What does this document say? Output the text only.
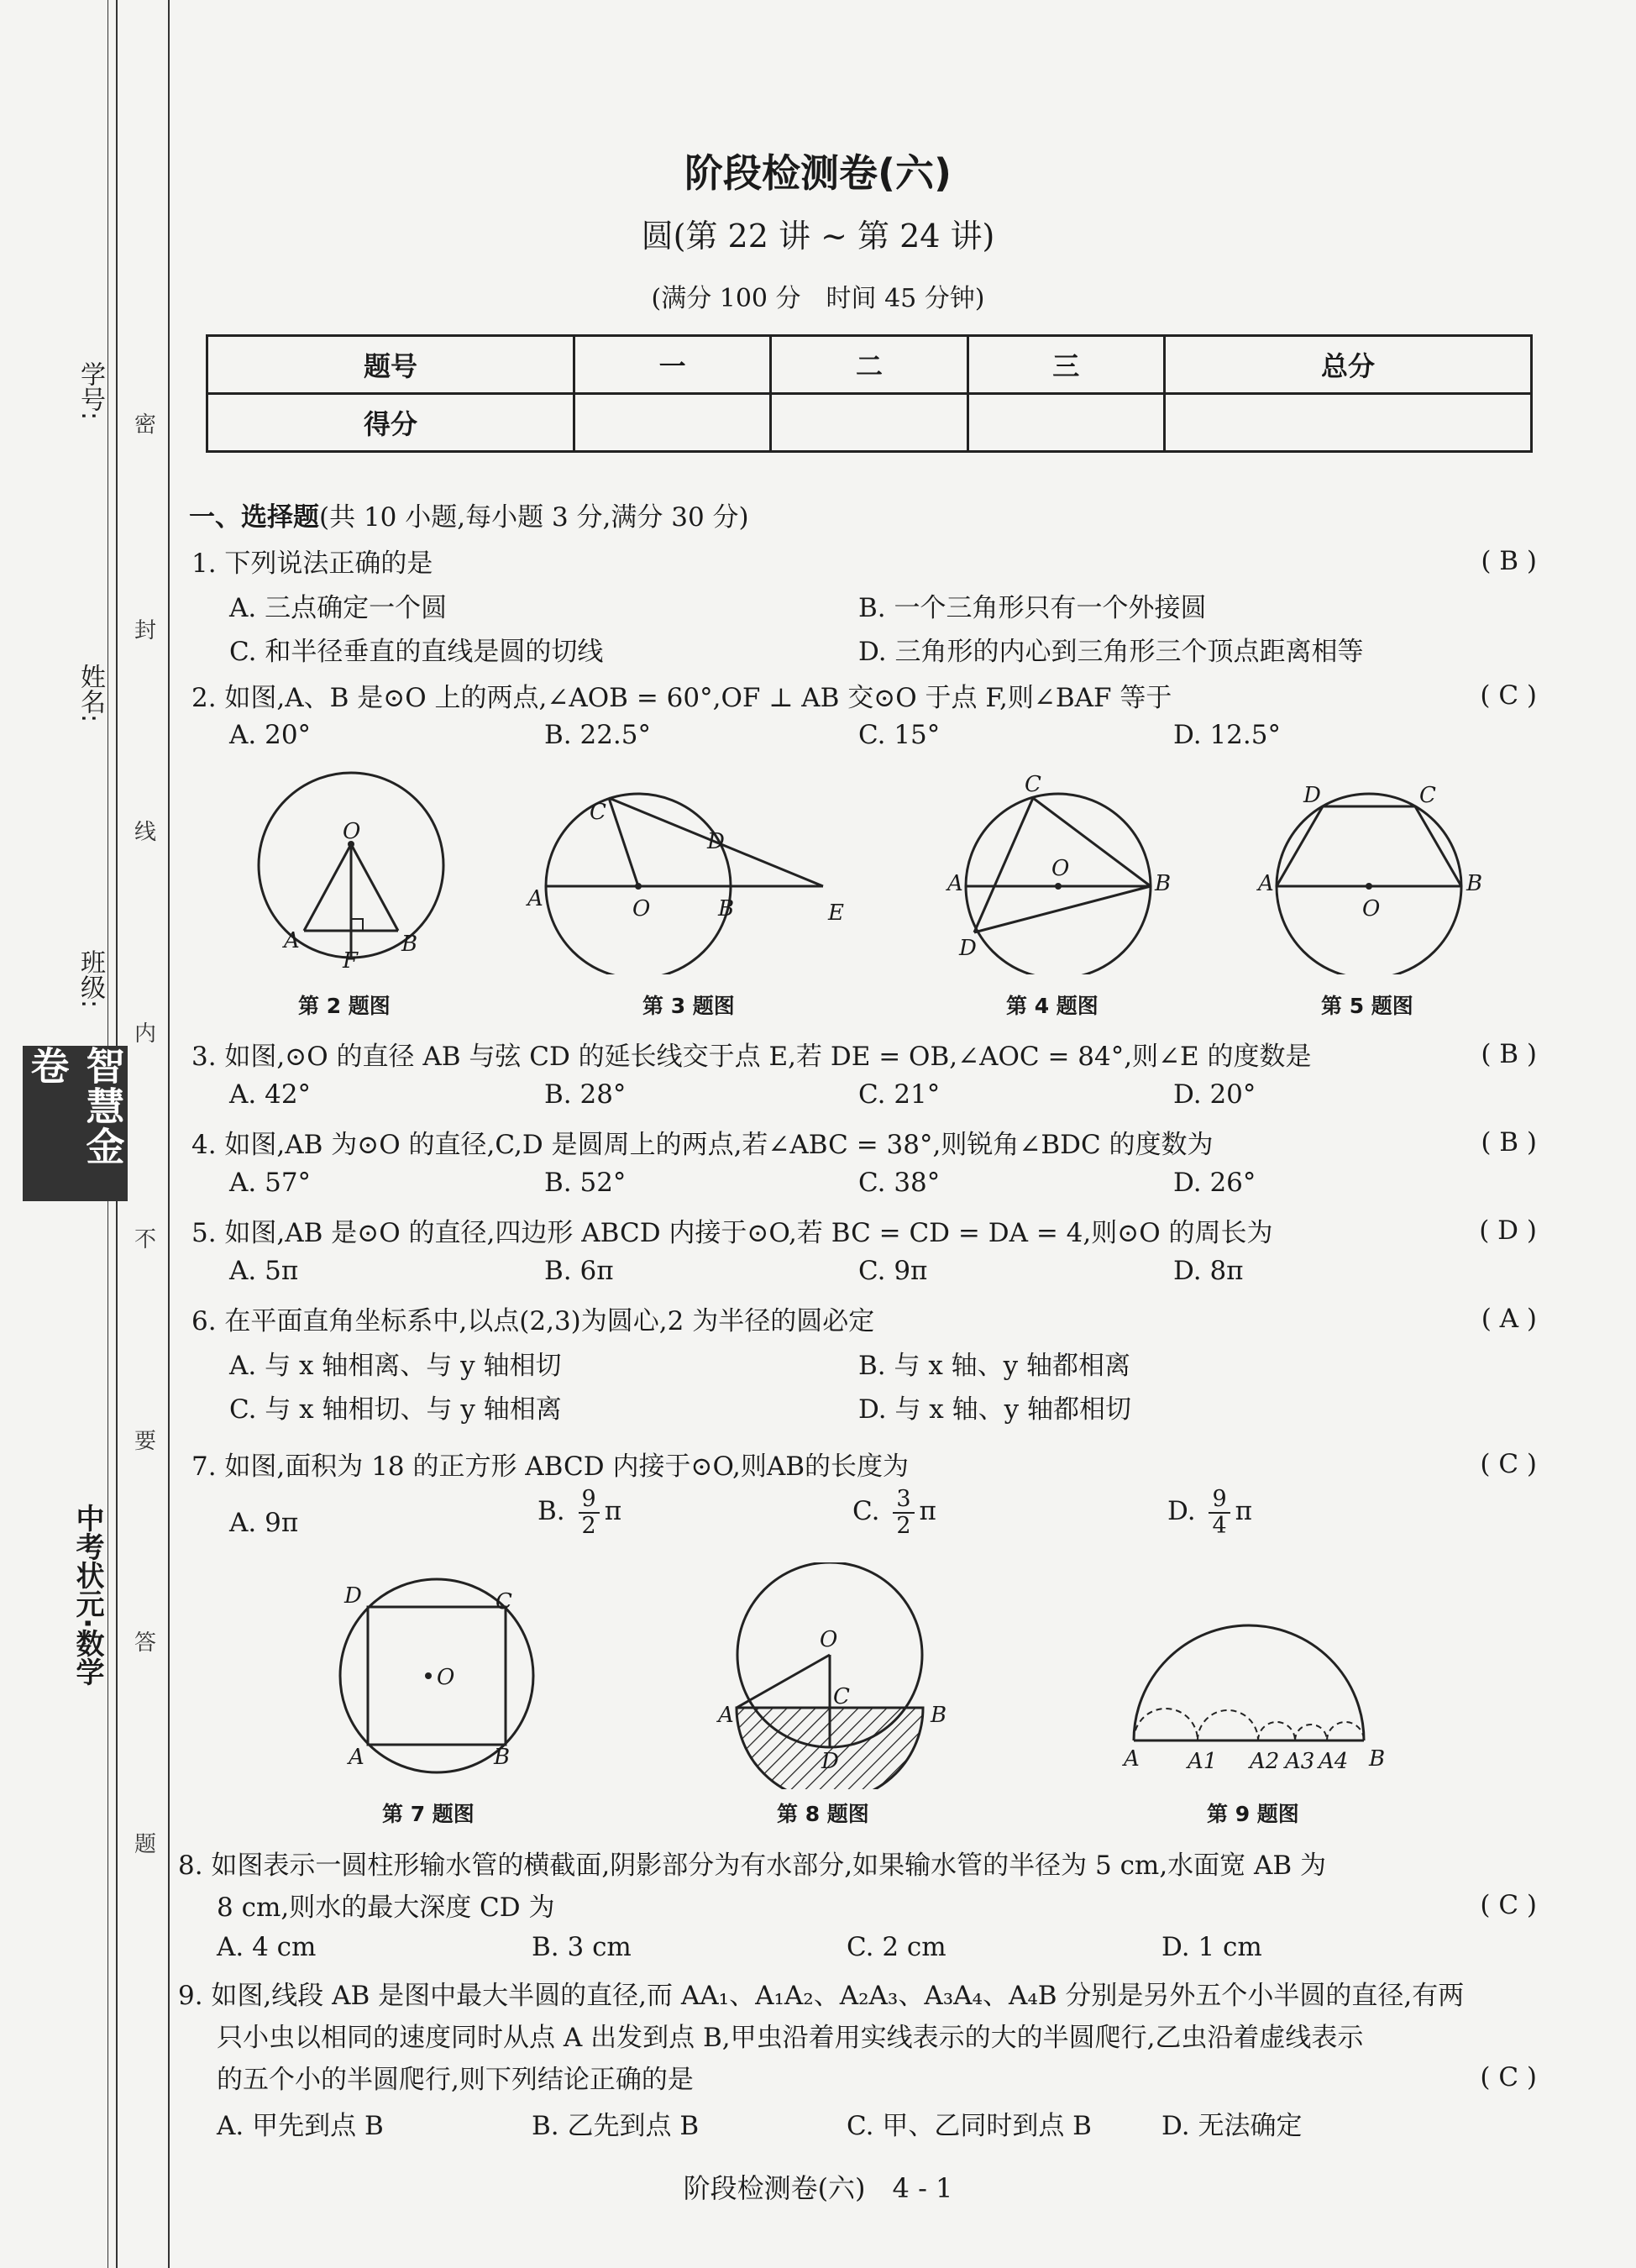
学号:
姓名:
班级:
智慧金卷
中考状元·数学
密
封
线
内
不
要
答
题
阶段检测卷(六)
圆(第 22 讲 ~ 第 24 讲)
(满分 100 分　时间 45 分钟)
题号	一	二	三	总分
得分				
一、选择题(共 10 小题,每小题 3 分,满分 30 分)
1. 下列说法正确的是	( B )
A. 三点确定一个圆	B. 一个三角形只有一个外接圆
C. 和半径垂直的直线是圆的切线	D. 三角形的内心到三角形三个顶点距离相等
2. 如图,A、B 是⊙O 上的两点,∠AOB = 60°,OF ⊥ AB 交⊙O 于点 F,则∠BAF 等于	( C )
A. 20°	B. 22.5°	C. 15°	D. 12.5°
O
A
F
B
C
D
A	O	B	E
C
A
O
B
D
D	C
A
O
B
第 2 题图	第 3 题图	第 4 题图	第 5 题图
3. 如图,⊙O 的直径 AB 与弦 CD 的延长线交于点 E,若 DE = OB,∠AOC = 84°,则∠E 的度数是	( B )
A. 42°	B. 28°	C. 21°	D. 20°
4. 如图,AB 为⊙O 的直径,C,D 是圆周上的两点,若∠ABC = 38°,则锐角∠BDC 的度数为	( B )
A. 57°	B. 52°	C. 38°	D. 26°
5. 如图,AB 是⊙O 的直径,四边形 ABCD 内接于⊙O,若 BC = CD = DA = 4,则⊙O 的周长为	( D )
A. 5π	B. 6π	C. 9π	D. 8π
6. 在平面直角坐标系中,以点(2,3)为圆心,2 为半径的圆必定	( A )
A. 与 x 轴相离、与 y 轴相切	B. 与 x 轴、y 轴都相离
C. 与 x 轴相切、与 y 轴相离	D. 与 x 轴、y 轴都相切
7. 如图,面积为 18 的正方形 ABCD 内接于⊙O,则AB的长度为	( C )
A. 9π	B. $\frac{9}{2}$ π	C. $\frac{3}{2}$ π	D. $\frac{9}{4}$ π
D	C
O
A	B
O
C
A	B
D	A A1 A2 A3 A4 B
第 7 题图	第 8 题图	第 9 题图
8. 如图表示一圆柱形输水管的横截面,阴影部分为有水部分,如果输水管的半径为 5 cm,水面宽 AB 为
8 cm,则水的最大深度 CD 为	( C )
A. 4 cm	B. 3 cm	C. 2 cm	D. 1 cm
9. 如图,线段 AB 是图中最大半圆的直径,而 AA₁、A₁A₂、A₂A₃、A₃A₄、A₄B 分别是另外五个小半圆的直径,有两
只小虫以相同的速度同时从点 A 出发到点 B,甲虫沿着用实线表示的大的半圆爬行,乙虫沿着虚线表示
的五个小的半圆爬行,则下列结论正确的是	( C )
A. 甲先到点 B	B. 乙先到点 B	C. 甲、乙同时到点 B	D. 无法确定
阶段检测卷(六)　4 - 1
